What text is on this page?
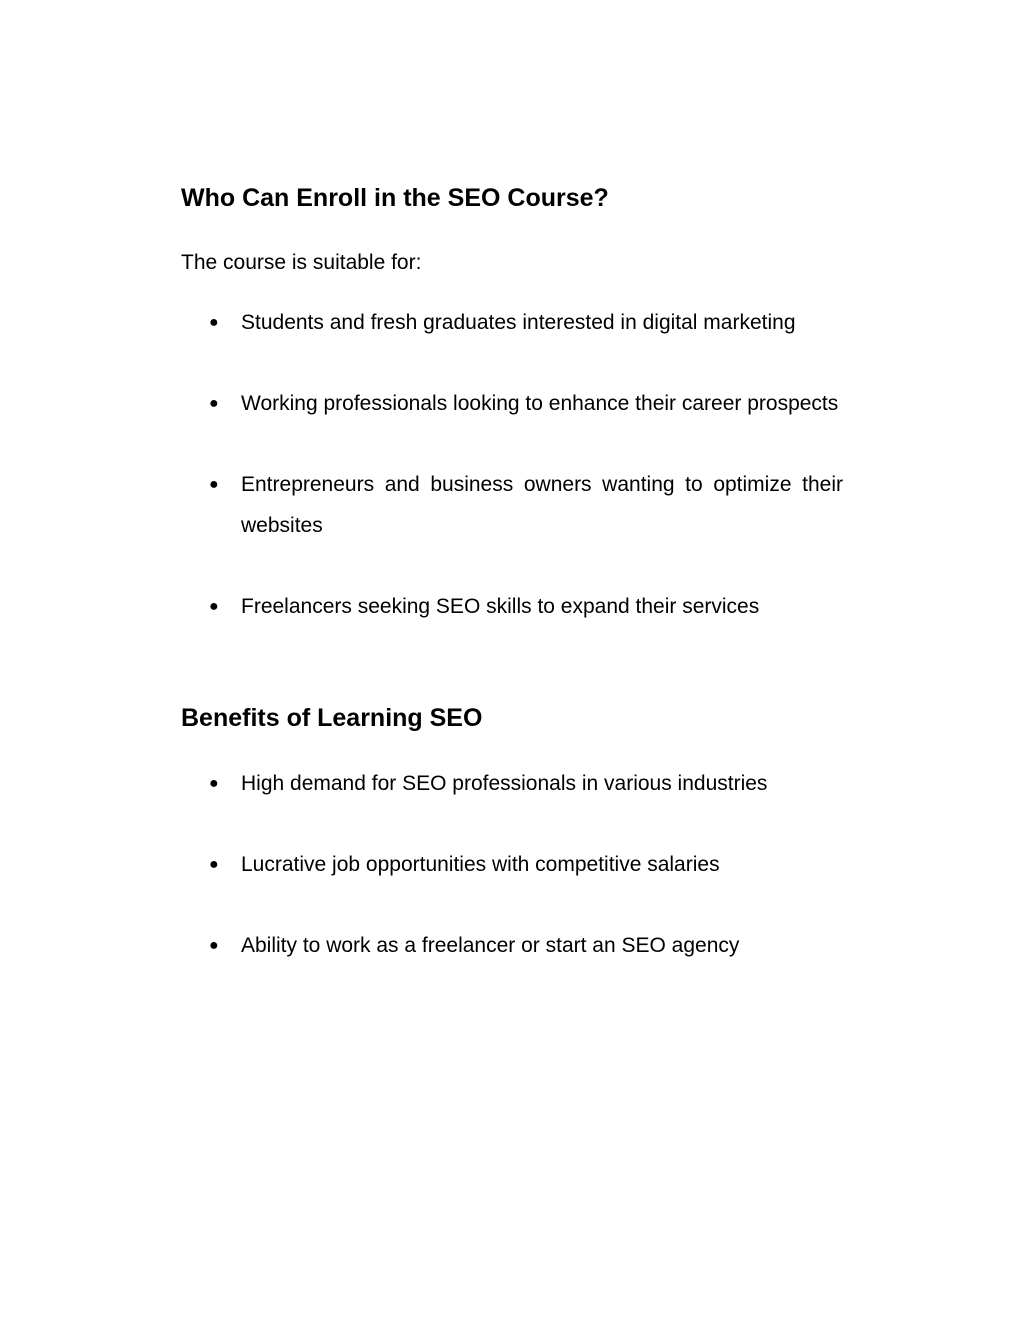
Who Can Enroll in the SEO Course?

The course is suitable for:

● Students and fresh graduates interested in digital marketing
● Working professionals looking to enhance their career prospects
● Entrepreneurs and business owners wanting to optimize their websites
● Freelancers seeking SEO skills to expand their services
Benefits of Learning SEO
● High demand for SEO professionals in various industries
● Lucrative job opportunities with competitive salaries
● Ability to work as a freelancer or start an SEO agency
